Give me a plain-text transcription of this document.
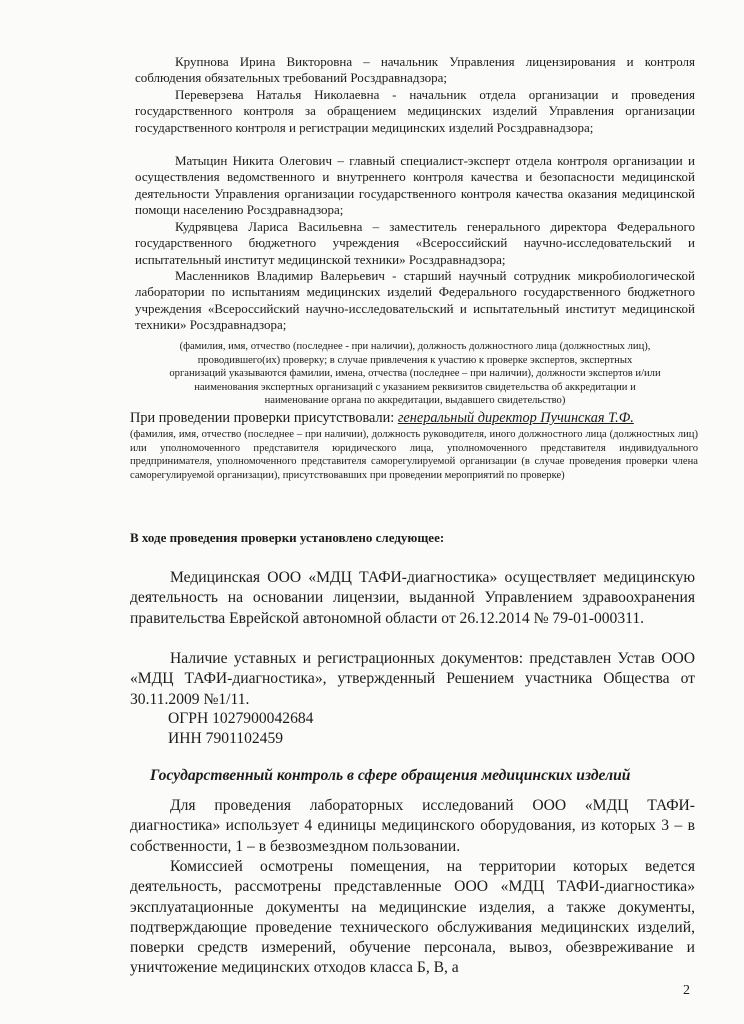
Крупнова Ирина Викторовна – начальник Управления лицензирования и контроля соблюдения обязательных требований Росздравнадзора;

Переверзева Наталья Николаевна - начальник отдела организации и проведения государственного контроля за обращением медицинских изделий Управления организации государственного контроля и регистрации медицинских изделий Росздравнадзора;

Матыцин Никита Олегович – главный специалист-эксперт отдела контроля организации и осуществления ведомственного и внутреннего контроля качества и безопасности медицинской деятельности Управления организации государственного контроля качества оказания медицинской помощи населению Росздравнадзора;

Кудрявцева Лариса Васильевна – заместитель генерального директора Федерального государственного бюджетного учреждения «Всероссийский научно-исследовательский и испытательный институт медицинской техники» Росздравнадзора;

Масленников Владимир Валерьевич - старший научный сотрудник микробиологической лаборатории по испытаниям медицинских изделий Федерального государственного бюджетного учреждения «Всероссийский научно-исследовательский и испытательный институт медицинской техники» Росздравнадзора;

(фамилия, имя, отчество (последнее - при наличии), должность должностного лица (должностных лиц),
проводившего(их) проверку; в случае привлечения к участию к проверке экспертов, экспертных
организаций указываются фамилии, имена, отчества (последнее – при наличии), должности экспертов и/или
наименования экспертных организаций с указанием реквизитов свидетельства об аккредитации и
наименование органа по аккредитации, выдавшего свидетельство)

При проведении проверки присутствовали: генеральный директор Пучинская Т.Ф.

(фамилия, имя, отчество (последнее – при наличии), должность руководителя, иного должностного лица (должностных лиц) или уполномоченного представителя юридического лица, уполномоченного представителя индивидуального предпринимателя, уполномоченного представителя саморегулируемой организации (в случае проведения проверки члена саморегулируемой организации), присутствовавших при проведении мероприятий по проверке)

В ходе проведения проверки установлено следующее:

Медицинская ООО «МДЦ ТАФИ-диагностика» осуществляет медицинскую деятельность на основании лицензии, выданной Управлением здравоохранения правительства Еврейской автономной области от 26.12.2014 № 79-01-000311.

Наличие уставных и регистрационных документов: представлен Устав ООО «МДЦ ТАФИ-диагностика», утвержденный Решением участника Общества от 30.11.2009 №1/11.

ОГРН 1027900042684

ИНН 7901102459

Государственный контроль в сфере обращения медицинских изделий

Для проведения лабораторных исследований ООО «МДЦ ТАФИ-диагностика» использует 4 единицы медицинского оборудования, из которых 3 – в собственности, 1 – в безвозмездном пользовании.

Комиссией осмотрены помещения, на территории которых ведется деятельность, рассмотрены представленные ООО «МДЦ ТАФИ-диагностика» эксплуатационные документы на медицинские изделия, а также документы, подтверждающие проведение технического обслуживания медицинских изделий, поверки средств измерений, обучение персонала, вывоз, обезвреживание и уничтожение медицинских отходов класса Б, В, а

2
